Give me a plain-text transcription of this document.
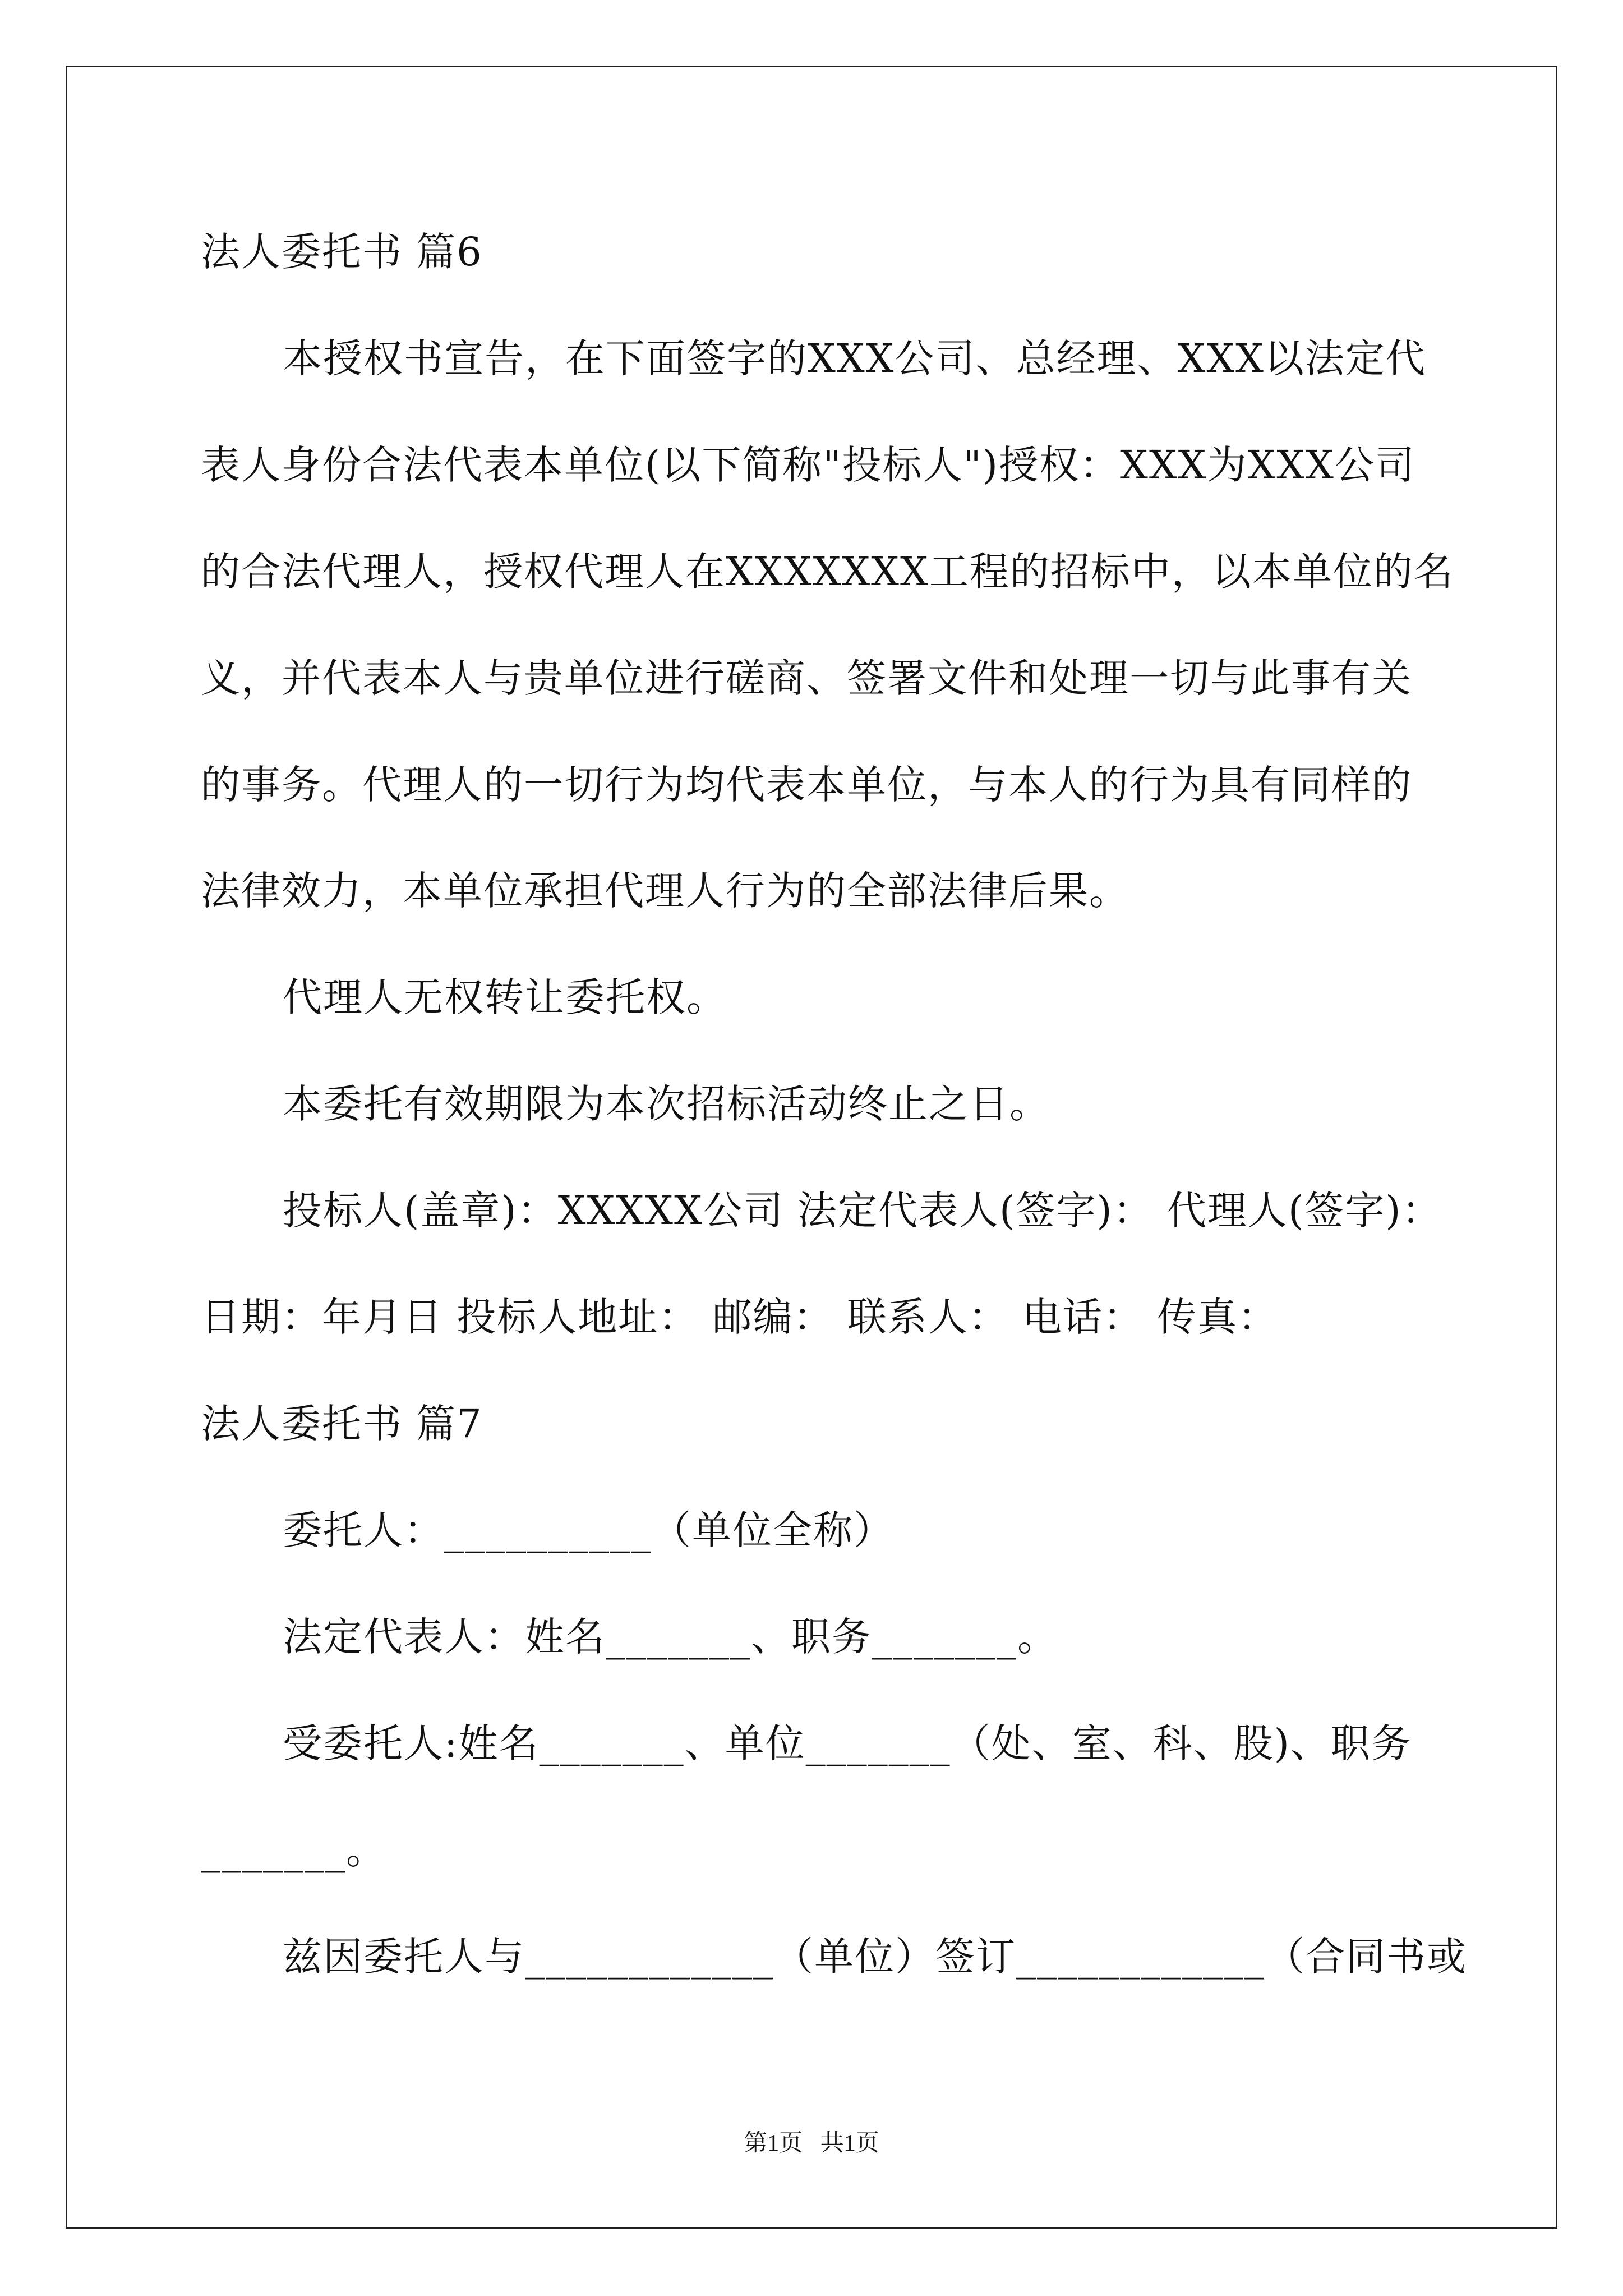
法人委托书 篇6
本授权书宣告，在下面签字的XXX公司、总经理、XXX以法定代
表人身份合法代表本单位(以下简称"投标人")授权：XXX为XXX公司
的合法代理人，授权代理人在XXXXXXX工程的招标中，以本单位的名
义，并代表本人与贵单位进行磋商、签署文件和处理一切与此事有关
的事务。代理人的一切行为均代表本单位，与本人的行为具有同样的
法律效力，本单位承担代理人行为的全部法律后果。
代理人无权转让委托权。
本委托有效期限为本次招标活动终止之日。
投标人(盖章)：XXXXX公司 法定代表人(签字)： 代理人(签字)：
日期：年月日 投标人地址： 邮编： 联系人： 电话： 传真：
法人委托书 篇7
委托人：__________（单位全称）
法定代表人：姓名_______、职务_______。
受委托人:姓名_______、单位_______（处、室、科、股)、职务
_______。
兹因委托人与____________（单位）签订____________（合同书或
第1页   共1页
